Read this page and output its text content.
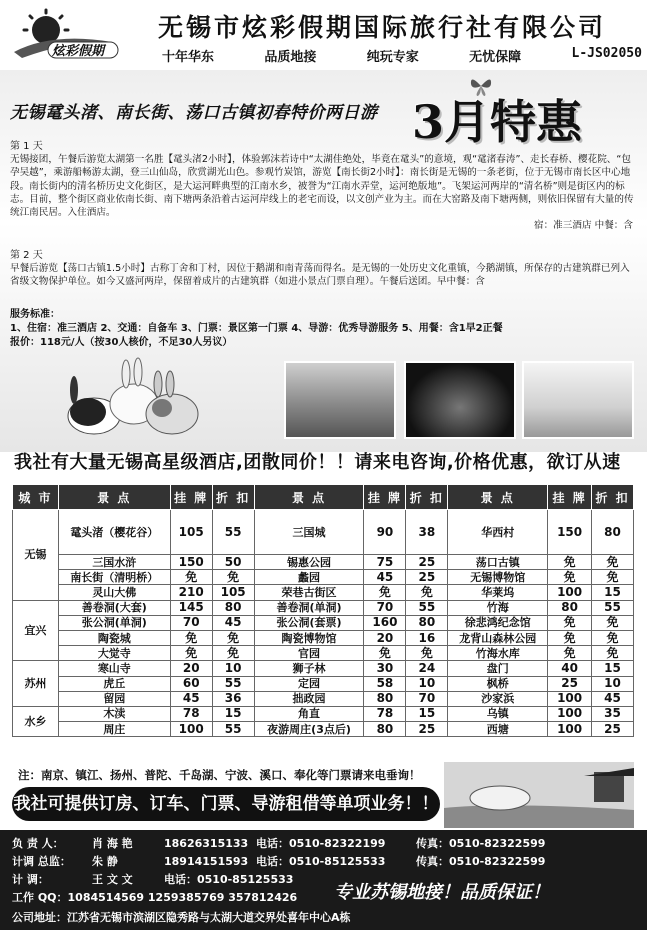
炫彩假期
无锡市炫彩假期国际旅行社有限公司
十年华东	品质地接	纯玩专家	无忧保障	L-JS02050
无锡鼋头渚、南长街、荡口古镇初春特价两日游 3月特惠
第 1 天
无锡接团，午餐后游览太湖第一名胜【鼋头渚2小时】，体验郭沫若诗中“太湖佳绝处，毕竟在鼋头”的意境，观“鼋渚春涛”、走长春桥、樱花院、“包孕吴越”，乘游船畅游太湖，登三山仙岛，欣赏湖光山色。参观竹炭馆，游览【南长街2小时】：南长街是无锡的一条老街，位于无锡市南长区中心地段。南长街内的清名桥历史文化街区，是大运河畔典型的江南水乡，被誉为“江南水弄堂，运河绝版地”。飞架运河两岸的“清名桥”则是街区内的标志。目前，整个街区商业依南长街、南下塘两条沿着古运河岸线上的老宅而设，以文创产业为主。而在大窑路及南下塘两侧，则依旧保留有大量的传统江南民居。入住酒店。
宿：准三酒店 中餐：含
第 2 天
早餐后游览【荡口古镇1.5小时】古称丁舍和丁村，因位于鹅湖和南青荡而得名。是无锡的一处历史文化重镇，今鹅湖镇，所保存的古建筑群已列入省级文物保护单位。如今又盛河两岸，保留着成片的古建筑群（如进小景点门票自理）。午餐后送团。早中餐：含
服务标准：
1、住宿：准三酒店 2、交通：自备车 3、门票：景区第一门票 4、导游：优秀导游服务 5、用餐：含1早2正餐
报价：118元/人（按30人核价，不足30人另议）
我社有大量无锡高星级酒店,团散同价！！请来电咨询,价格优惠，欲订从速
城 市	景 点	挂 牌	折 扣	景 点	挂 牌	折 扣	景 点	挂 牌	折 扣
无锡	鼋头渚（樱花谷）	105	55	三国城	90	38	华西村	150	80
	三国水浒	150	50	锡惠公园	75	25	荡口古镇	免	免
	南长街（清明桥）	免	免	蠡园	45	25	无锡博物馆	免	免
	灵山大佛	210	105	荣巷古街区	免	免	华莱坞	100	15
宜兴	善卷洞(大套)	145	80	善卷洞(单洞)	70	55	竹海	80	55
	张公洞(单洞)	70	45	张公洞(套票)	160	80	徐悲鸿纪念馆	免	免
	陶瓷城	免	免	陶瓷博物馆	20	16	龙背山森林公园	免	免
	大觉寺	免	免	官园	免	免	竹海水库	免	免
苏州	寒山寺	20	10	狮子林	30	24	盘门	40	15
	虎丘	60	55	定园	58	10	枫桥	25	10
	留园	45	36	拙政园	80	70	沙家浜	100	45
水乡	木渎	78	15	角直	78	15	乌镇	100	35
	周庄	100	55	夜游周庄(3点后)	80	25	西塘	100	25
注：南京、镇江、扬州、普陀、千岛湖、宁波、溪口、奉化等门票请来电垂询！
我社可提供订房、订车、门票、导游租借等单项业务！！
负 责 人：	肖 海 艳	18626315133 电话：0510-82322199	传真：0510-82322599
计调 总监： 朱 静	18914151593 电话：0510-85125533	传真：0510-82322599
计 调：	王 文 文	电话：0510-85125533
工作 QQ：1084514569 1259385769 357812426
公司地址：江苏省无锡市滨湖区隐秀路与太湖大道交界处喜年中心A栋
专业苏锡地接！品质保证！
